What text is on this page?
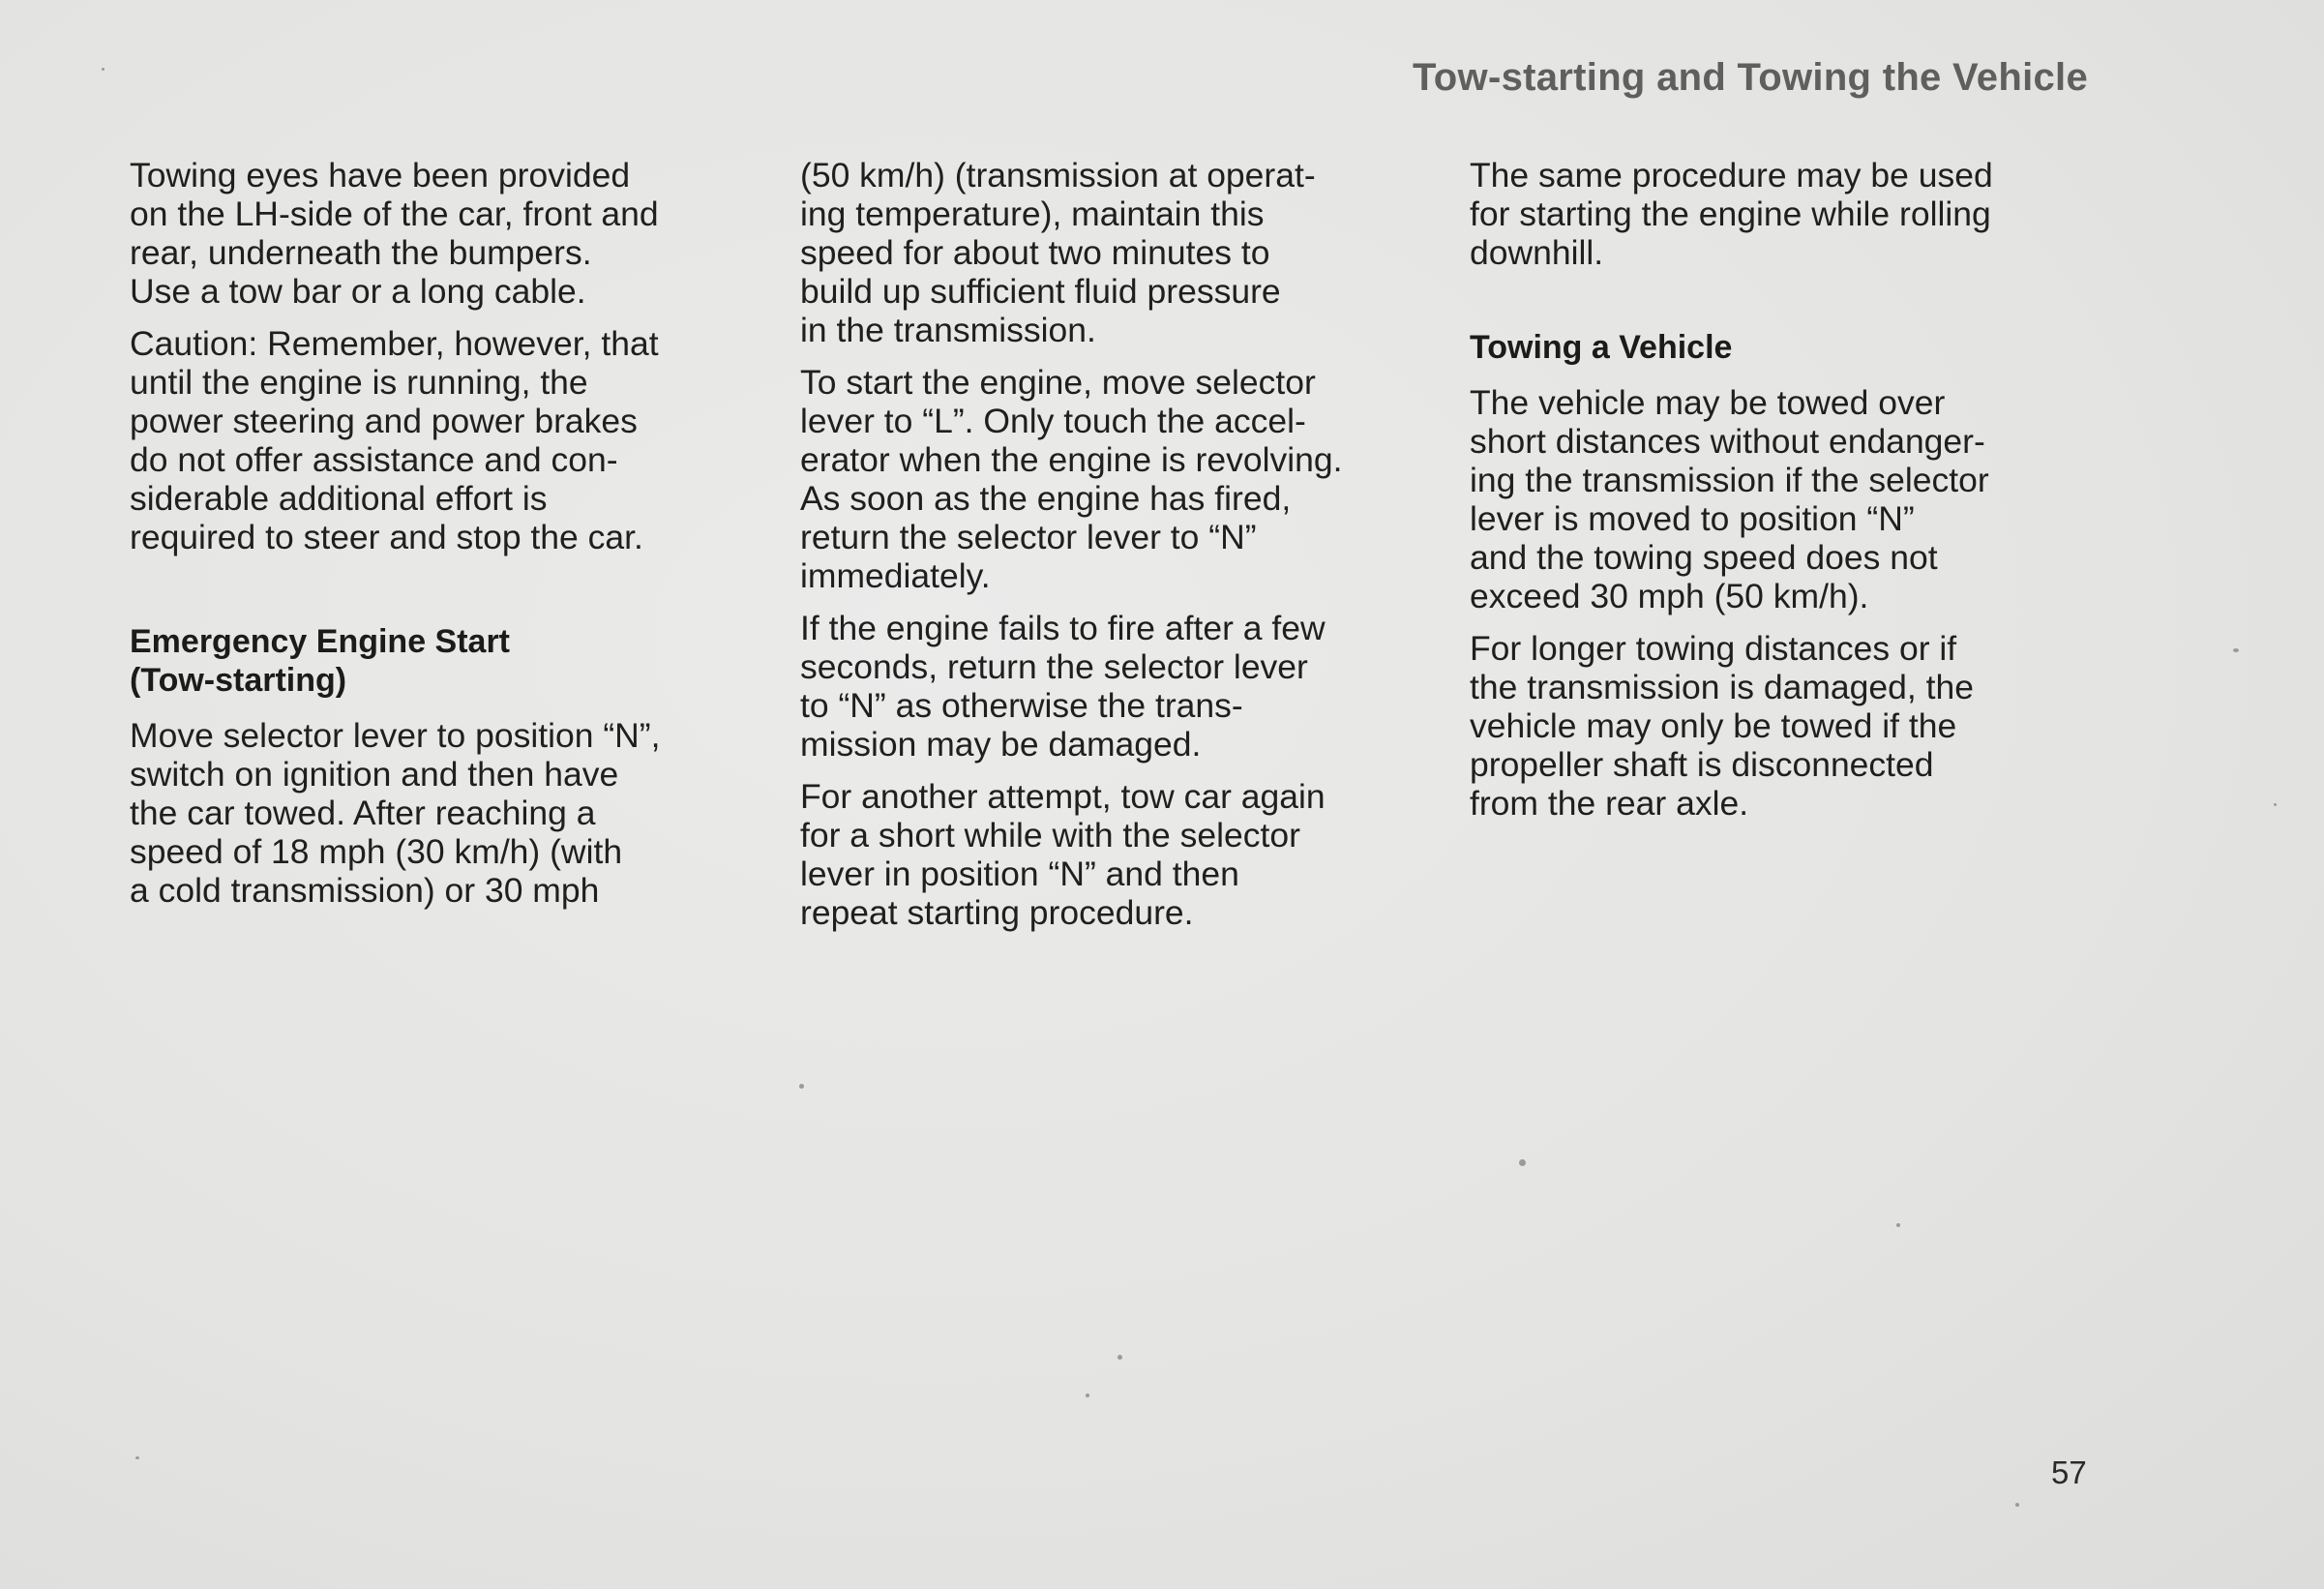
Tow-starting and Towing the Vehicle

Towing eyes have been provided
on the LH-side of the car, front and
rear, underneath the bumpers.
Use a tow bar or a long cable.

Caution: Remember, however, that
until the engine is running, the
power steering and power brakes
do not offer assistance and con-
siderable additional effort is
required to steer and stop the car.

Emergency Engine Start
(Tow-starting)

Move selector lever to position “N”,
switch on ignition and then have
the car towed. After reaching a
speed of 18 mph (30 km/h) (with
a cold transmission) or 30 mph

(50 km/h) (transmission at operat-
ing temperature), maintain this
speed for about two minutes to
build up sufficient fluid pressure
in the transmission.

To start the engine, move selector
lever to “L”. Only touch the accel-
erator when the engine is revolving.
As soon as the engine has fired,
return the selector lever to “N”
immediately.

If the engine fails to fire after a few
seconds, return the selector lever
to “N” as otherwise the trans-
mission may be damaged.

For another attempt, tow car again
for a short while with the selector
lever in position “N” and then
repeat starting procedure.

The same procedure may be used
for starting the engine while rolling
downhill.

Towing a Vehicle

The vehicle may be towed over
short distances without endanger-
ing the transmission if the selector
lever is moved to position “N”
and the towing speed does not
exceed 30 mph (50 km/h).

For longer towing distances or if
the transmission is damaged, the
vehicle may only be towed if the
propeller shaft is disconnected
from the rear axle.

57
